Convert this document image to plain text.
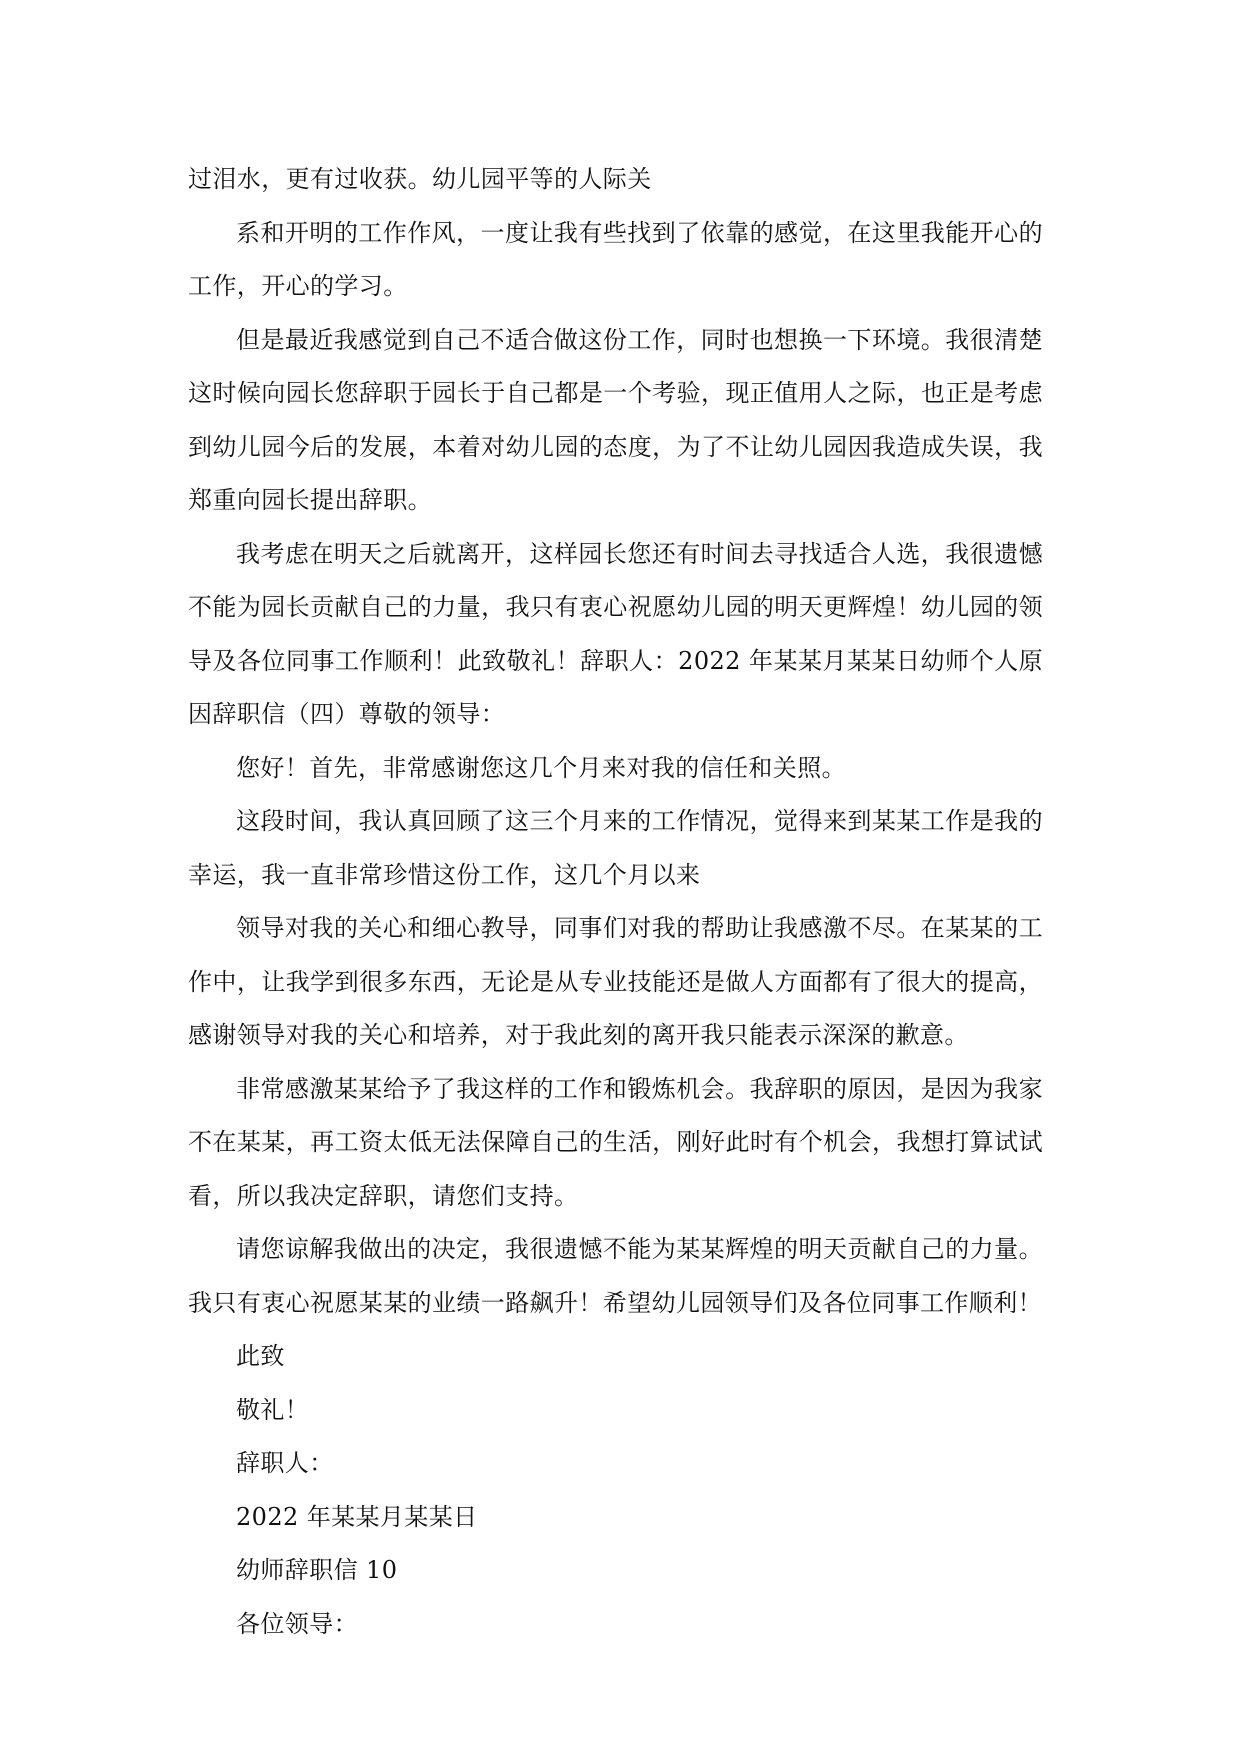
过泪水，更有过收获。幼儿园平等的人际关

系和开明的工作作风，一度让我有些找到了依靠的感觉，在这里我能开心的工作，开心的学习。

但是最近我感觉到自己不适合做这份工作，同时也想换一下环境。我很清楚这时候向园长您辞职于园长于自己都是一个考验，现正值用人之际，也正是考虑到幼儿园今后的发展，本着对幼儿园的态度，为了不让幼儿园因我造成失误，我郑重向园长提出辞职。

我考虑在明天之后就离开，这样园长您还有时间去寻找适合人选，我很遗憾不能为园长贡献自己的力量，我只有衷心祝愿幼儿园的明天更辉煌！幼儿园的领导及各位同事工作顺利！此致敬礼！辞职人：2022 年某某月某某日幼师个人原因辞职信（四）尊敬的领导：

您好！首先，非常感谢您这几个月来对我的信任和关照。

这段时间，我认真回顾了这三个月来的工作情况，觉得来到某某工作是我的幸运，我一直非常珍惜这份工作，这几个月以来

领导对我的关心和细心教导，同事们对我的帮助让我感激不尽。在某某的工作中，让我学到很多东西，无论是从专业技能还是做人方面都有了很大的提高，感谢领导对我的关心和培养，对于我此刻的离开我只能表示深深的歉意。

非常感激某某给予了我这样的工作和锻炼机会。我辞职的原因，是因为我家不在某某，再工资太低无法保障自己的生活，刚好此时有个机会，我想打算试试看，所以我决定辞职，请您们支持。

请您谅解我做出的决定，我很遗憾不能为某某辉煌的明天贡献自己的力量。我只有衷心祝愿某某的业绩一路飙升！希望幼儿园领导们及各位同事工作顺利！

此致

敬礼！

辞职人：

2022 年某某月某某日

幼师辞职信 10

各位领导：
